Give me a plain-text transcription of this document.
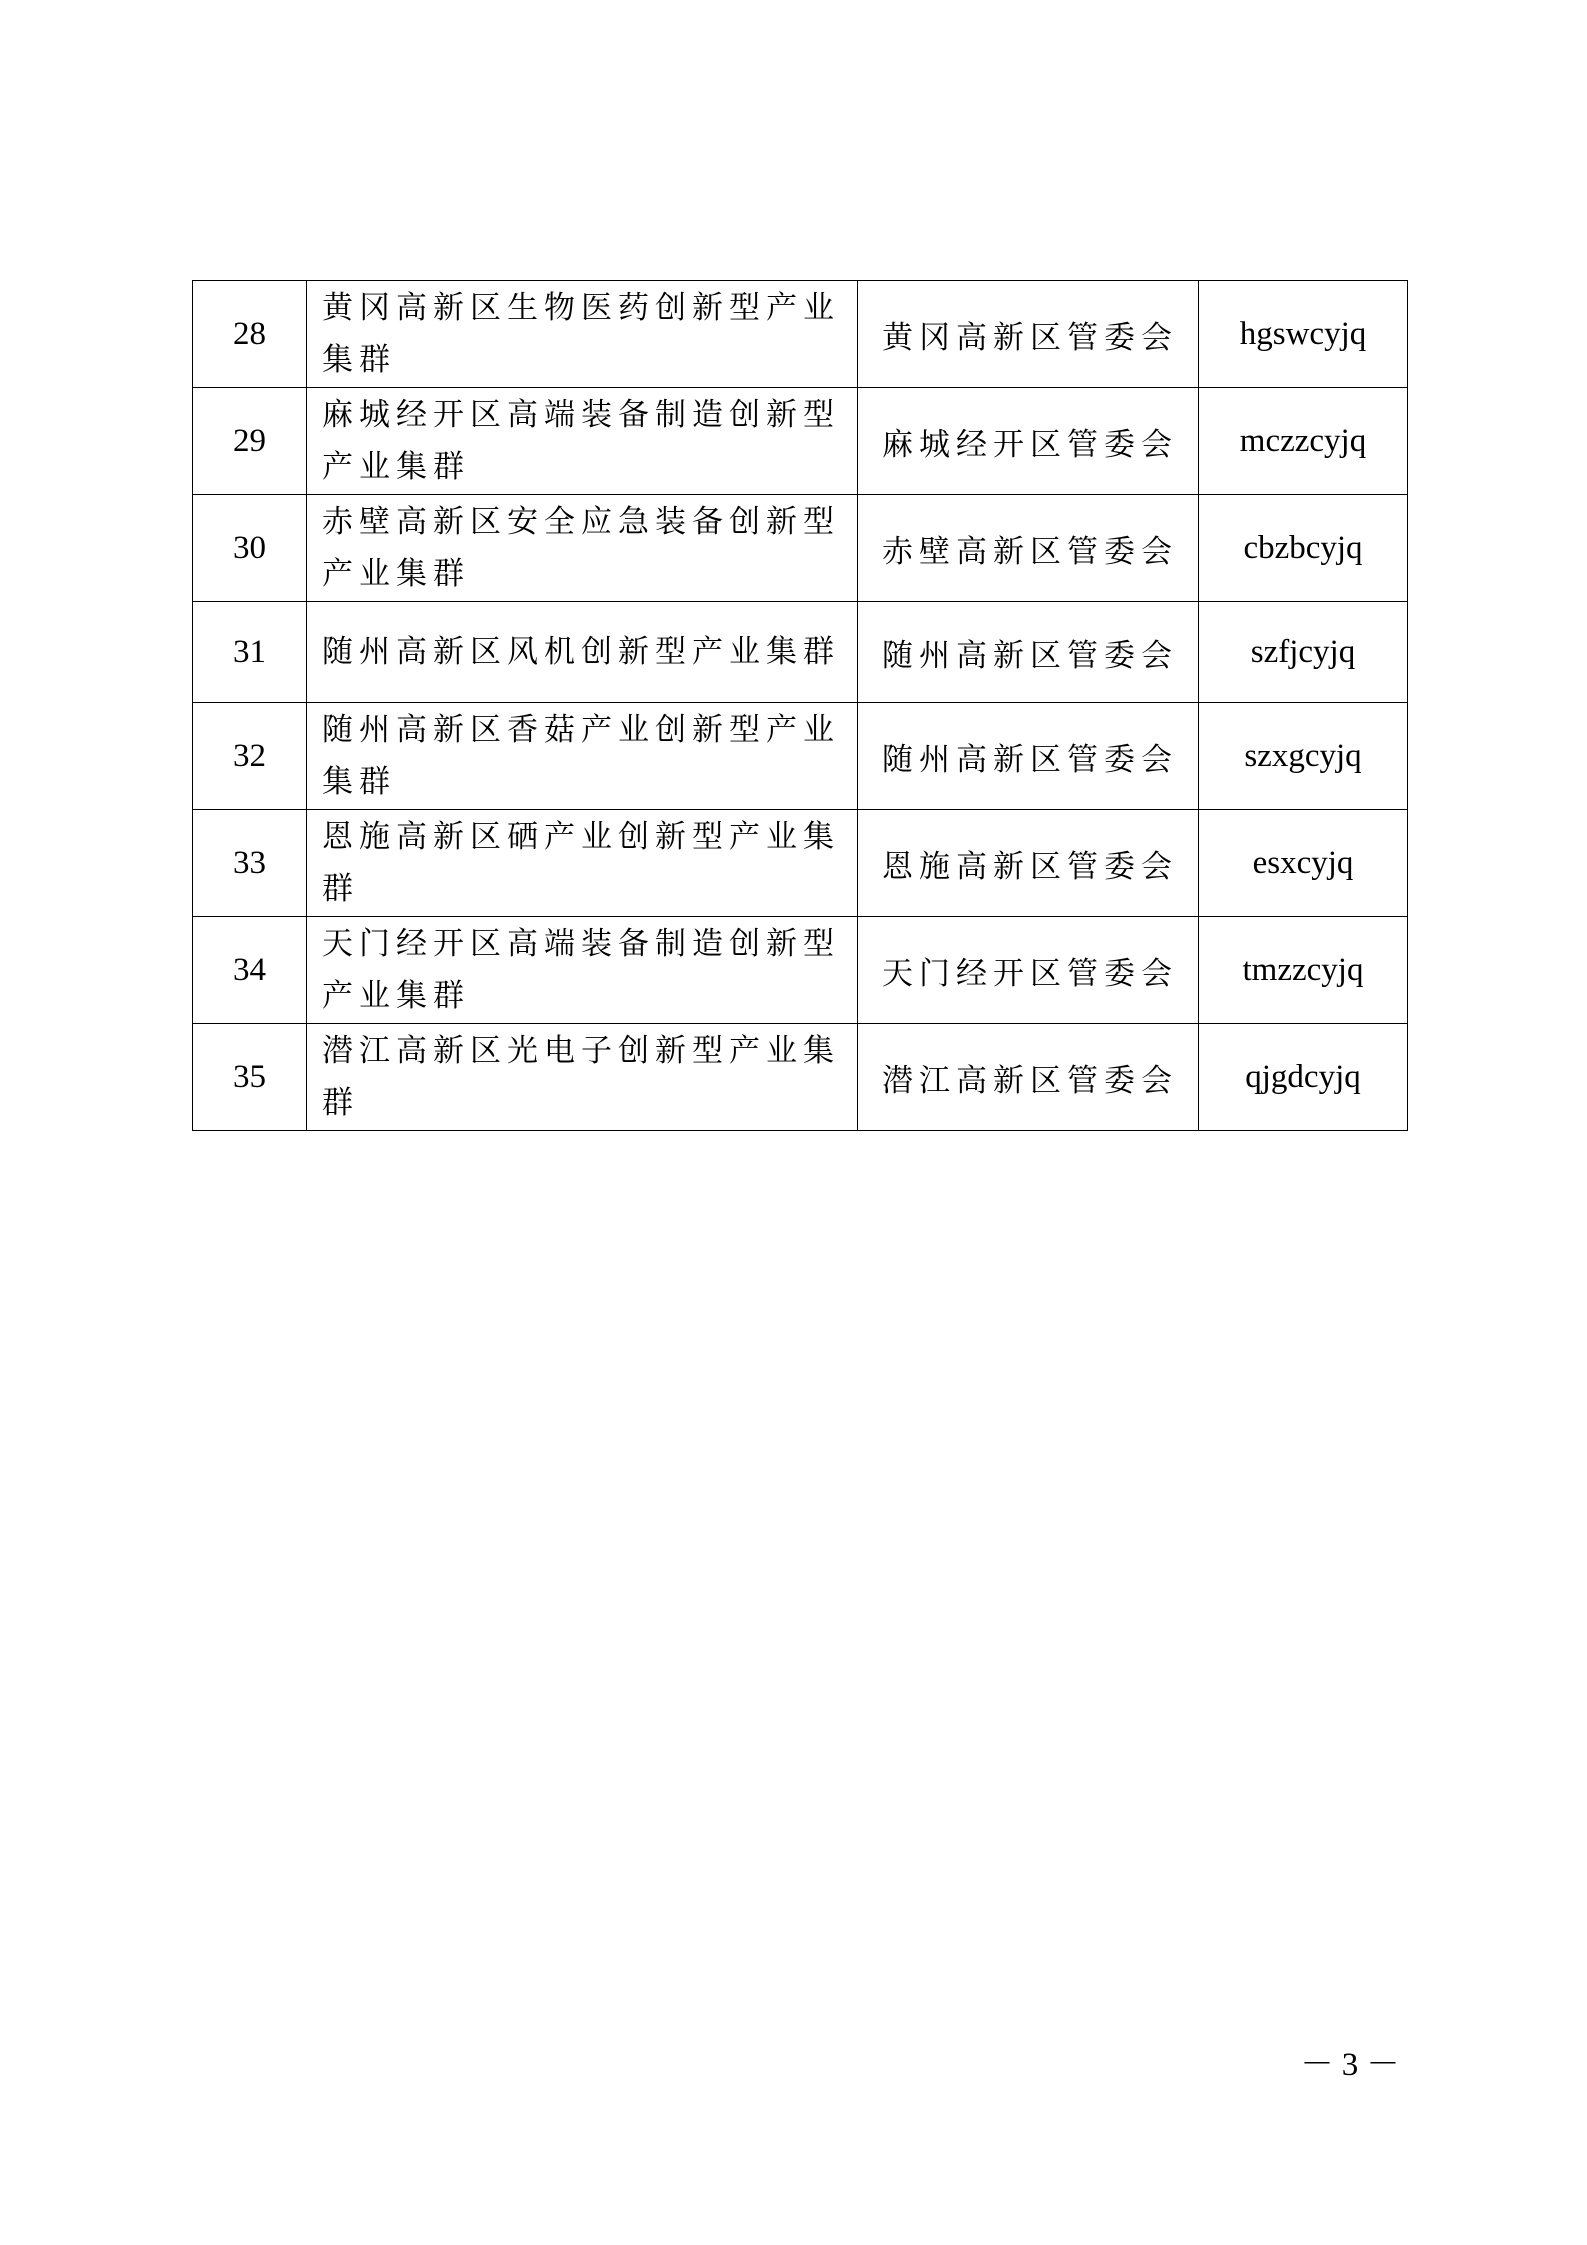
28	黄冈高新区生物医药创新型产业集群	黄冈高新区管委会	hgswcyjq
29	麻城经开区高端装备制造创新型产业集群	麻城经开区管委会	mczzcyjq
30	赤壁高新区安全应急装备创新型产业集群	赤壁高新区管委会	cbzbcyjq
31	随州高新区风机创新型产业集群	随州高新区管委会	szfjcyjq
32	随州高新区香菇产业创新型产业集群	随州高新区管委会	szxgcyjq
33	恩施高新区硒产业创新型产业集群	恩施高新区管委会	esxcyjq
34	天门经开区高端装备制造创新型产业集群	天门经开区管委会	tmzzcyjq
35	潜江高新区光电子创新型产业集群	潜江高新区管委会	qjgdcyjq
－ 3 －
